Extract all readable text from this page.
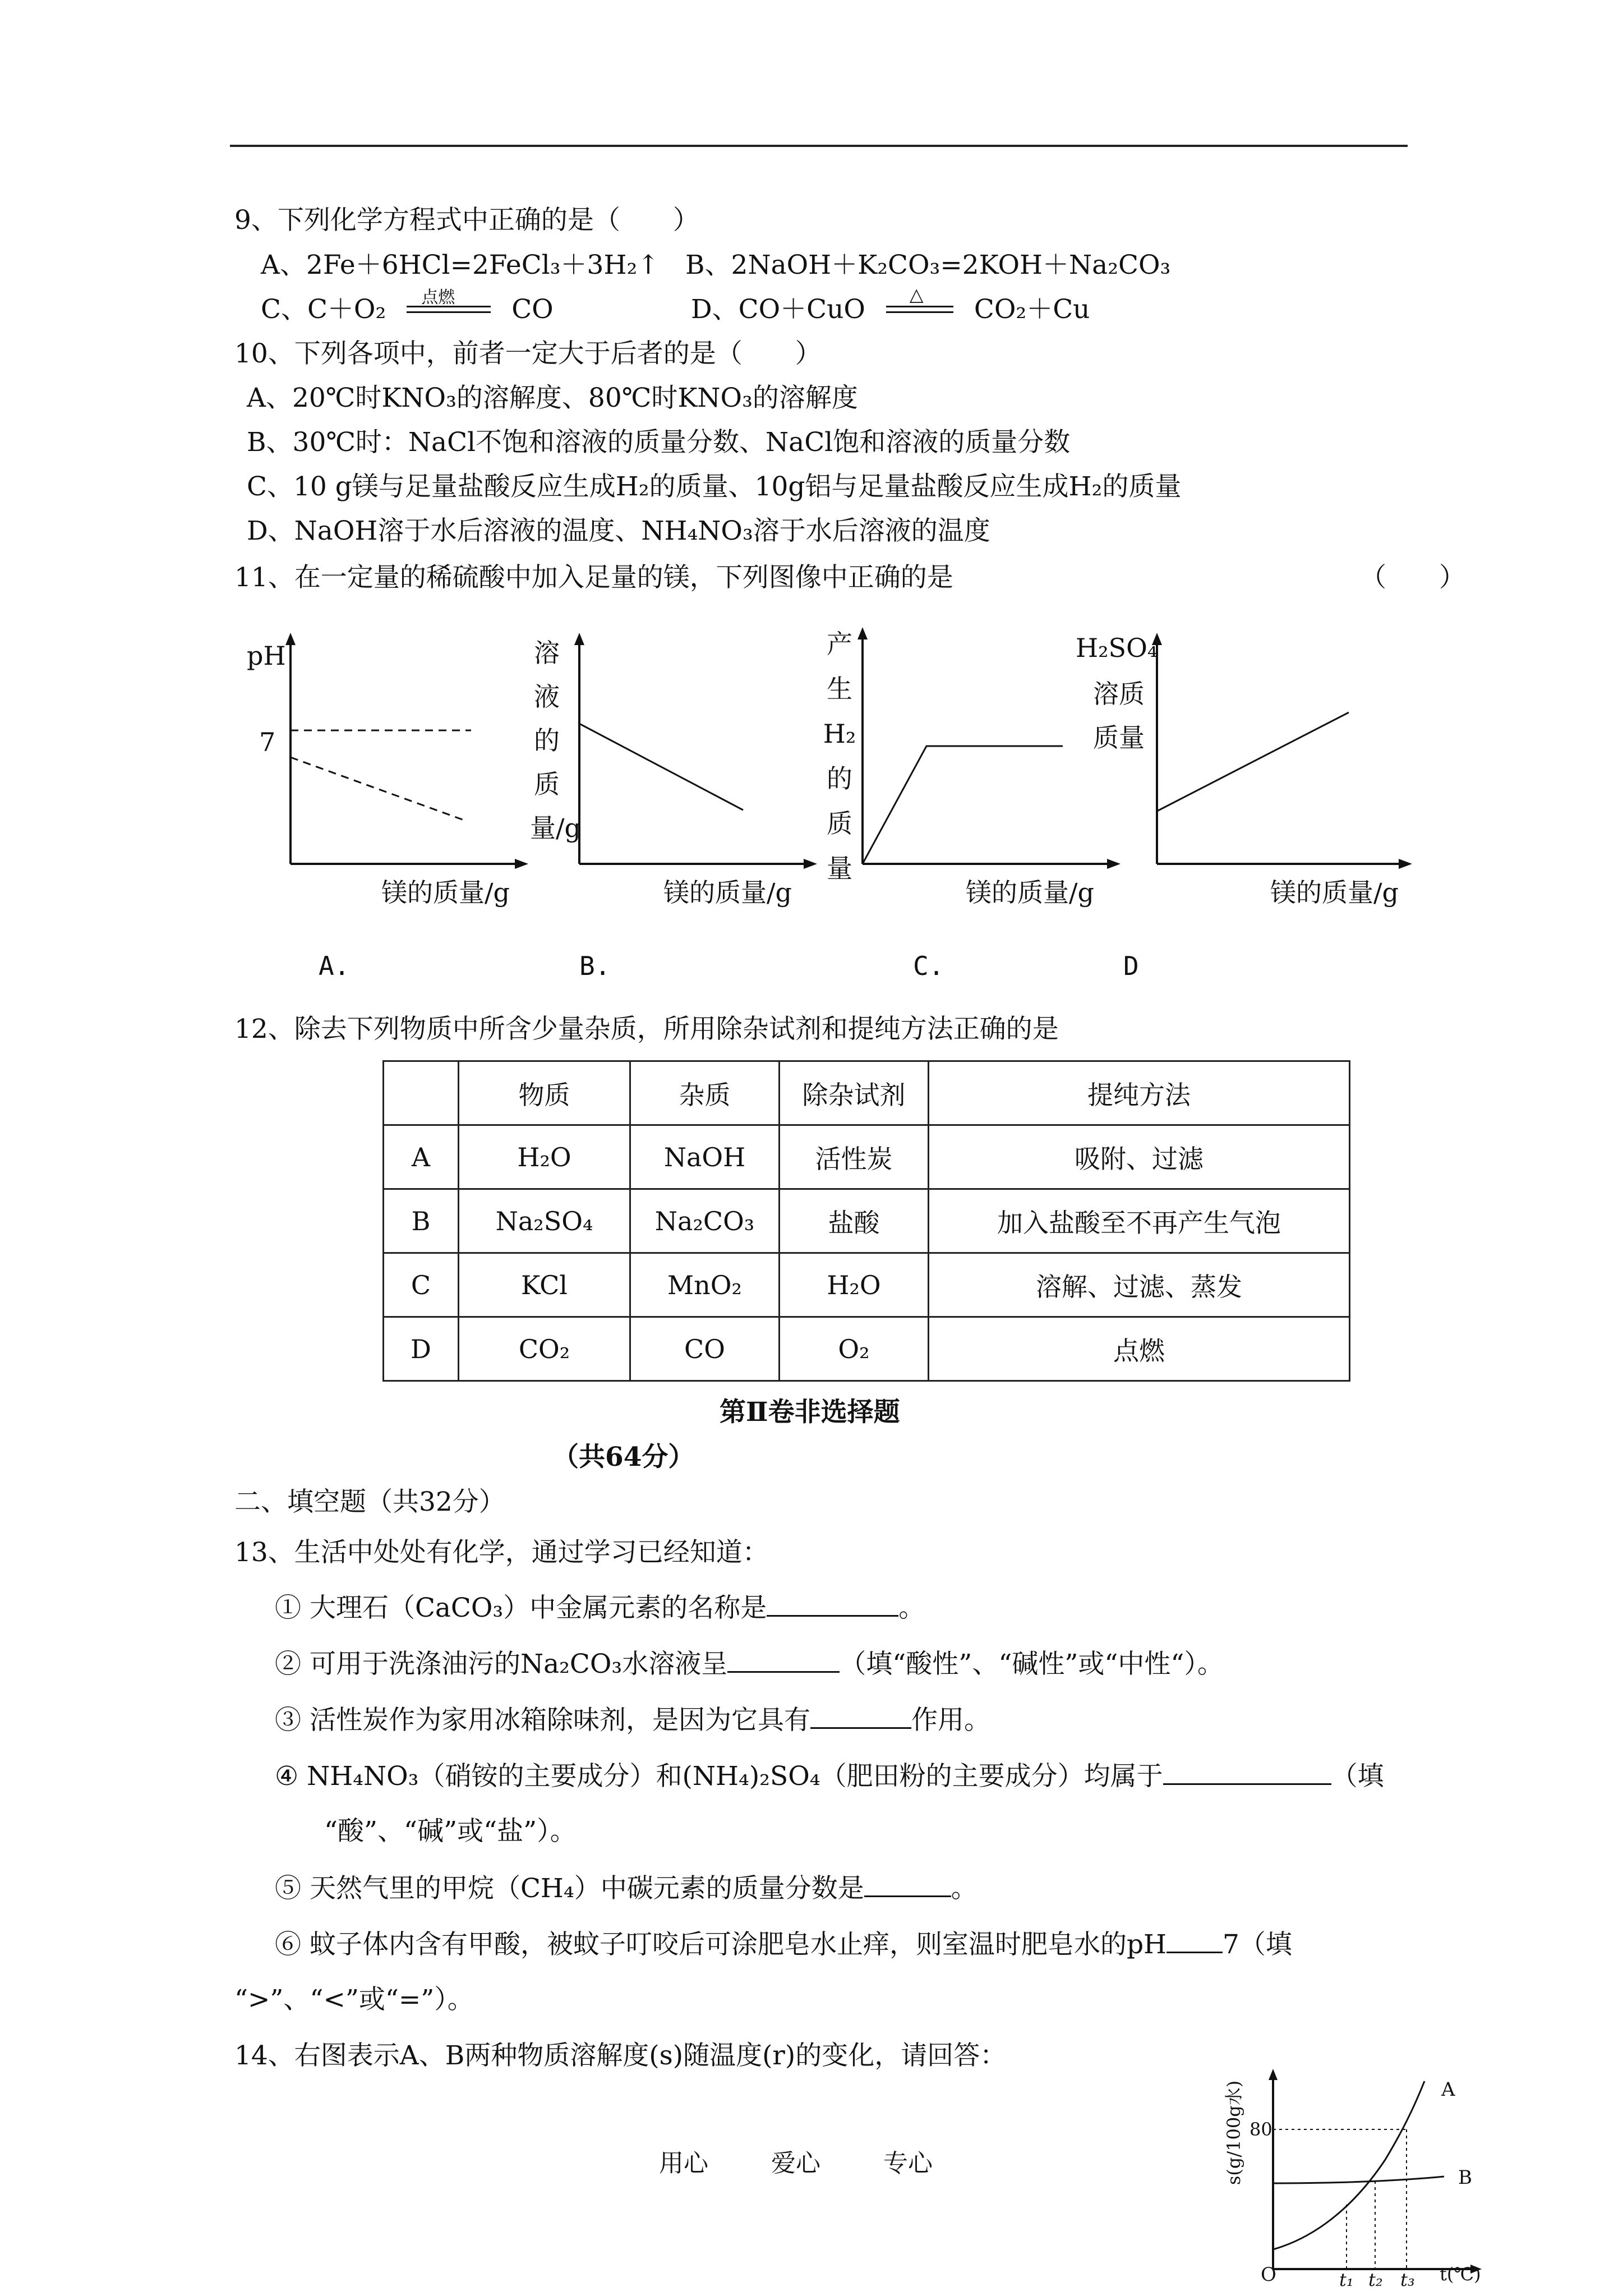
9、下列化学方程式中正确的是（　　）
A、2Fe＋6HCl=2FeCl₃＋3H₂↑ B、2NaOH＋K₂CO₃=2KOH＋Na₂CO₃
C、C＋O₂ 点燃 CO	D、CO＋CuO △ CO₂＋Cu
10、下列各项中，前者一定大于后者的是（　　）
A、20℃时KNO₃的溶解度、80℃时KNO₃的溶解度
B、30℃时：NaCl不饱和溶液的质量分数、NaCl饱和溶液的质量分数
C、10 g镁与足量盐酸反应生成H₂的质量、10g铝与足量盐酸反应生成H₂的质量
D、NaOH溶于水后溶液的温度、NH₄NO₃溶于水后溶液的温度
11、在一定量的稀硫酸中加入足量的镁，下列图像中正确的是	（　　）
pH
7
镁的质量/g
A.
溶液的质量/g
镁的质量/g
B.
产生H₂的质量
镁的质量/g
C.
H₂SO₄
溶质质量
镁的质量/g
D
12、除去下列物质中所含少量杂质，所用除杂试剂和提纯方法正确的是
	物质	杂质	除杂试剂	提纯方法
A	H₂O	NaOH	活性炭	吸附、过滤
B	Na₂SO₄	Na₂CO₃	盐酸	加入盐酸至不再产生气泡
C	KCl	MnO₂	H₂O	溶解、过滤、蒸发
D	CO₂	CO	O₂	点燃
第Ⅱ卷非选择题
（共64分）
二、填空题（共32分）
13、生活中处处有化学，通过学习已经知道：
① 大理石（CaCO₃）中金属元素的名称是	。
② 可用于洗涤油污的Na₂CO₃水溶液呈	（填“酸性”、“碱性”或“中性“）。
③ 活性炭作为家用冰箱除味剂，是因为它具有	作用。
④ NH₄NO₃（硝铵的主要成分）和(NH₄)₂SO₄（肥田粉的主要成分）均属于	（填
“酸”、“碱”或“盐”）。
⑤ 天然气里的甲烷（CH₄）中碳元素的质量分数是	。
⑥ 蚊子体内含有甲酸，被蚊子叮咬后可涂肥皂水止痒，则室温时肥皂水的pH 7（填
“>”、“<”或“=”）。
14、右图表示A、B两种物质溶解度(s)随温度(r)的变化，请回答：
s(g/100g水) 80
O	t₁ t₂ t₃ t(℃)
A
B
用心	爱心	专心
